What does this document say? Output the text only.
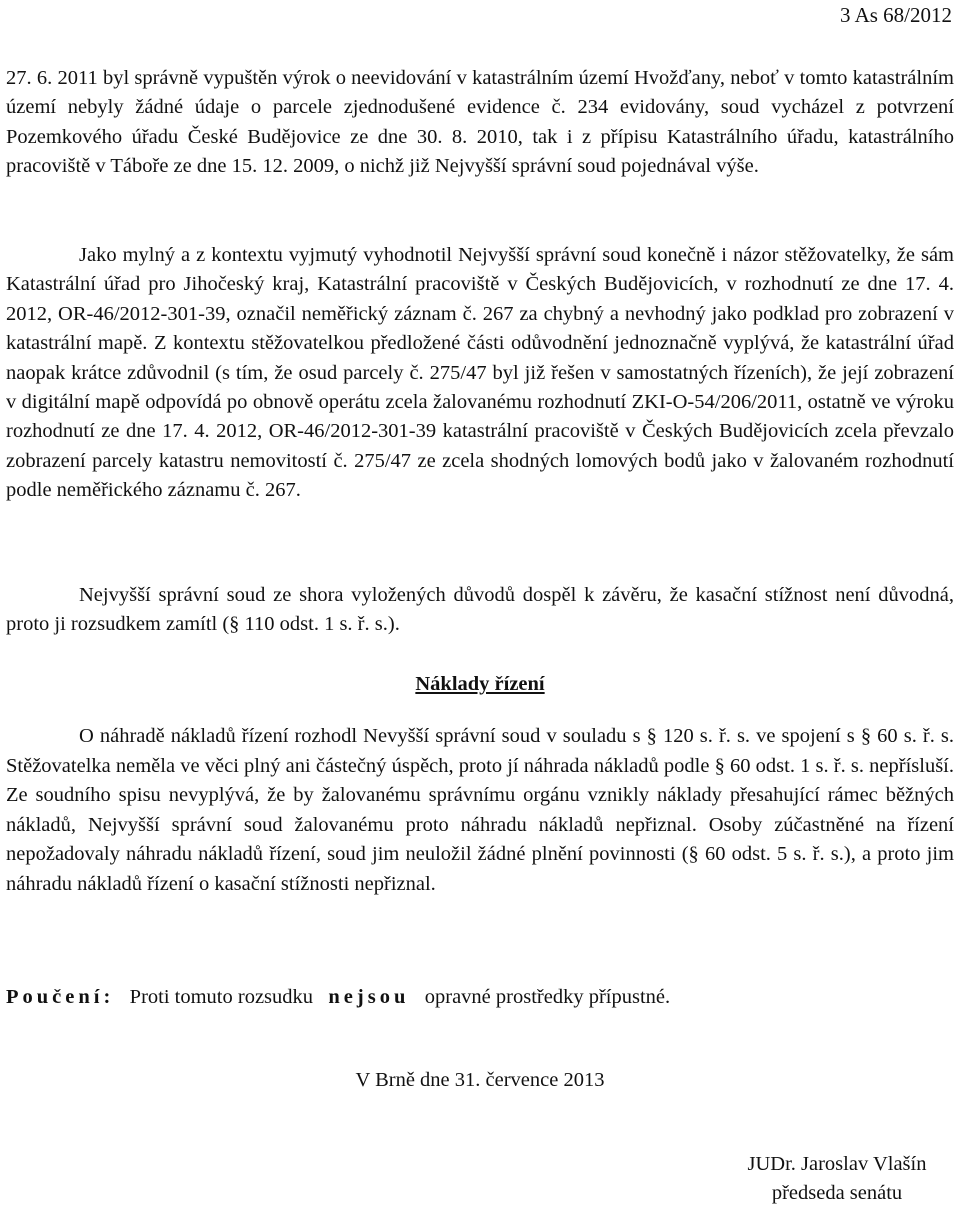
3 As 68/2012

27. 6. 2011 byl správně vypuštěn výrok o neevidování v katastrálním území Hvožďany, neboť v tomto katastrálním území nebyly žádné údaje o parcele zjednodušené evidence č. 234 evidovány, soud vycházel z potvrzení Pozemkového úřadu České Budějovice ze dne 30. 8. 2010, tak i z přípisu Katastrálního úřadu, katastrálního pracoviště v Táboře ze dne 15. 12. 2009, o nichž již Nejvyšší správní soud pojednával výše.

Jako mylný a z kontextu vyjmutý vyhodnotil Nejvyšší správní soud konečně i názor stěžovatelky, že sám Katastrální úřad pro Jihočeský kraj, Katastrální pracoviště v Českých Budějovicích, v rozhodnutí ze dne 17. 4. 2012, OR-46/2012-301-39, označil neměřický záznam č. 267 za chybný a nevhodný jako podklad pro zobrazení v katastrální mapě. Z kontextu stěžovatelkou předložené části odůvodnění jednoznačně vyplývá, že katastrální úřad naopak krátce zdůvodnil (s tím, že osud parcely č. 275/47 byl již řešen v samostatných řízeních), že její zobrazení v digitální mapě odpovídá po obnově operátu zcela žalovanému rozhodnutí ZKI-O-54/206/2011, ostatně ve výroku rozhodnutí ze dne 17. 4. 2012, OR-46/2012-301-39 katastrální pracoviště v Českých Budějovicích zcela převzalo zobrazení parcely katastru nemovitostí č. 275/47 ze zcela shodných lomových bodů jako v žalovaném rozhodnutí podle neměřického záznamu č. 267.

Nejvyšší správní soud ze shora vyložených důvodů dospěl k závěru, že kasační stížnost není důvodná, proto ji rozsudkem zamítl (§ 110 odst. 1 s. ř. s.).

Náklady řízení

O náhradě nákladů řízení rozhodl Nevyšší správní soud v souladu s § 120 s. ř. s. ve spojení s § 60 s. ř. s. Stěžovatelka neměla ve věci plný ani částečný úspěch, proto jí náhrada nákladů podle § 60 odst. 1 s. ř. s. nepřísluší. Ze soudního spisu nevyplývá, že by žalovanému správnímu orgánu vznikly náklady přesahující rámec běžných nákladů, Nejvyšší správní soud žalovanému proto náhradu nákladů nepřiznal. Osoby zúčastněné na řízení nepožadovaly náhradu nákladů řízení, soud jim neuložil žádné plnění povinnosti (§ 60 odst. 5 s. ř. s.), a proto jim náhradu nákladů řízení o kasační stížnosti nepřiznal.

Poučení: Proti tomuto rozsudku nejsou opravné prostředky přípustné.
V Brně dne 31. července 2013
JUDr. Jaroslav Vlašín
předseda senátu
